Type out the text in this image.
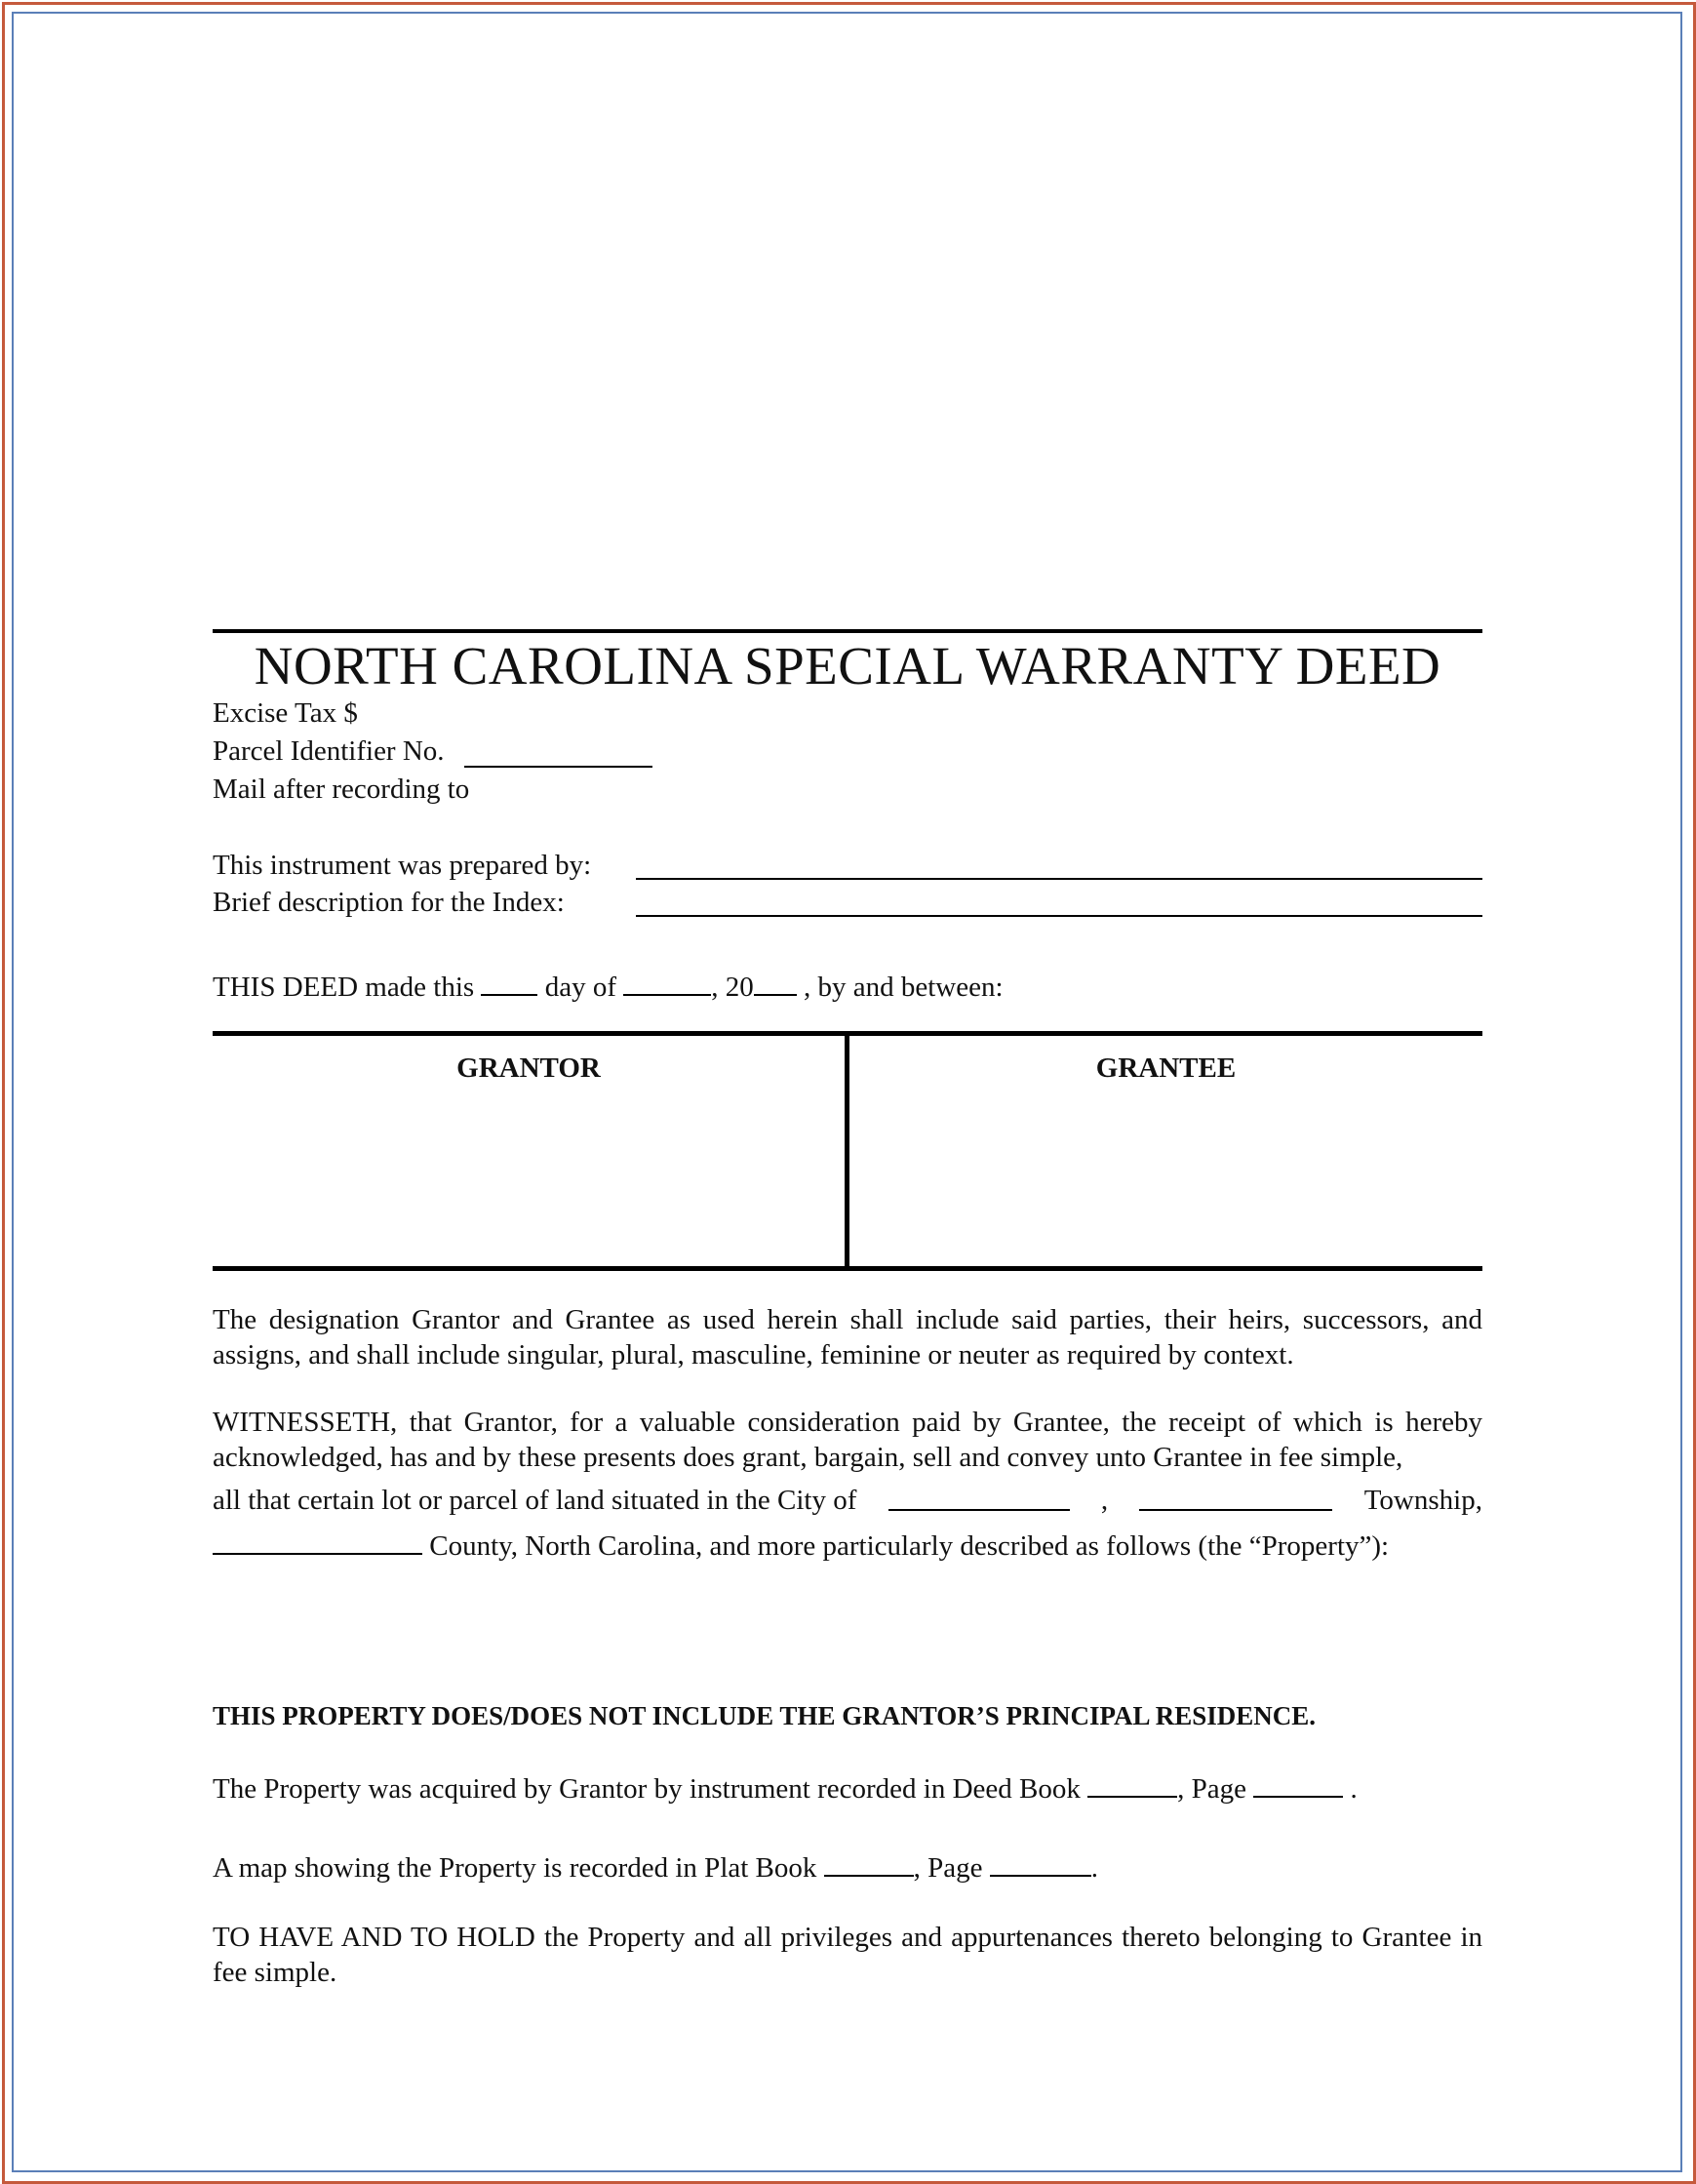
NORTH CAROLINA SPECIAL WARRANTY DEED
Excise Tax $
Parcel Identifier No.
Mail after recording to
This instrument was prepared by:
Brief description for the Index:
THIS DEED made this	day of	, 20 , by and between:
GRANTOR	GRANTEE
The designation Grantor and Grantee as used herein shall include said parties, their heirs, successors, and assigns, and shall include singular, plural, masculine, feminine or neuter as required by context.
WITNESSETH, that Grantor, for a valuable consideration paid by Grantee, the receipt of which is hereby acknowledged, has and by these presents does grant, bargain, sell and convey unto Grantee in fee simple,
all that certain lot or parcel of land situated in the City of	,	Township,
County, North Carolina, and more particularly described as follows (the “Property”):
THIS PROPERTY DOES/DOES NOT INCLUDE THE GRANTOR’S PRINCIPAL RESIDENCE.
The Property was acquired by Grantor by instrument recorded in Deed Book	, Page	.
A map showing the Property is recorded in Plat Book	, Page	.
TO HAVE AND TO HOLD the Property and all privileges and appurtenances thereto belonging to Grantee in fee simple.
